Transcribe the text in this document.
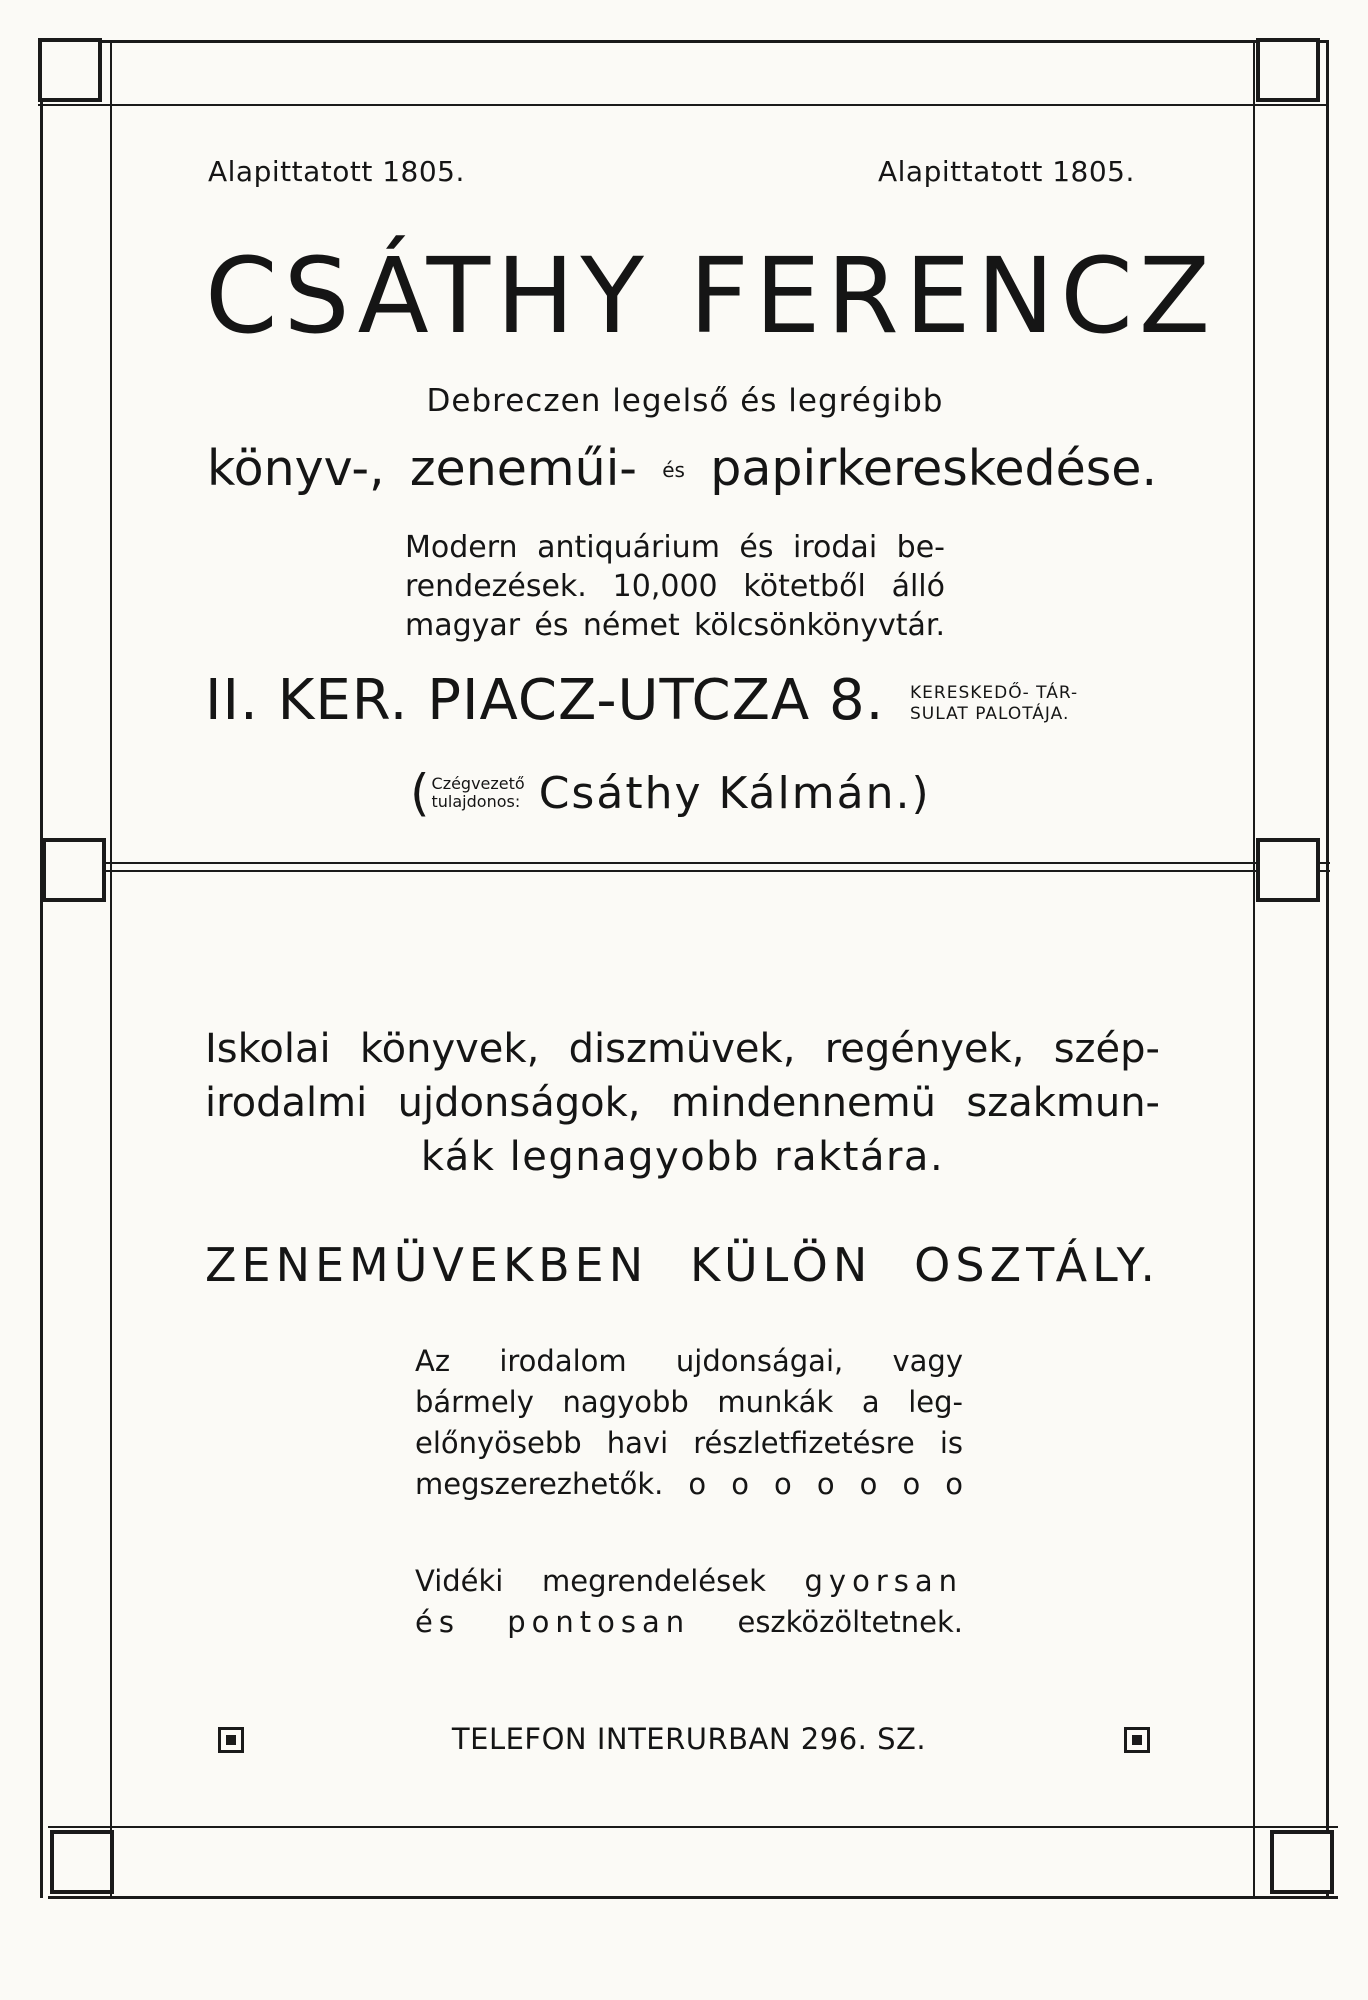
Alapittatott 1805.	Alapittatott 1805.

CSÁTHY FERENCZ

Debreczen legelső és legrégibb

könyv-, zeneműi- és papirkereskedése.

Modern antiquárium és irodai be-
rendezések. 10,000 kötetből álló
magyar és német kölcsönkönyvtár.

II. KER. PIACZ-UTCZA 8. KERESKEDŐ- TÁR-
SULAT PALOTÁJA.

( Czégvezető
tulajdonos: Csáthy Kálmán.)

Iskolai könyvek, diszmüvek, regények, szép-
irodalmi ujdonságok, mindennemü szakmun-
kák legnagyobb raktára.

ZENEMÜVEKBEN KÜLÖN OSZTÁLY.

Az irodalom ujdonságai, vagy
bármely nagyobb munkák a leg-
előnyösebb havi részletfizetésre is
megszerezhetők. o o o o o o o
Vidéki megrendelések gyorsan
és pontosan eszközöltetnek.

TELEFON INTERURBAN 296. SZ.
